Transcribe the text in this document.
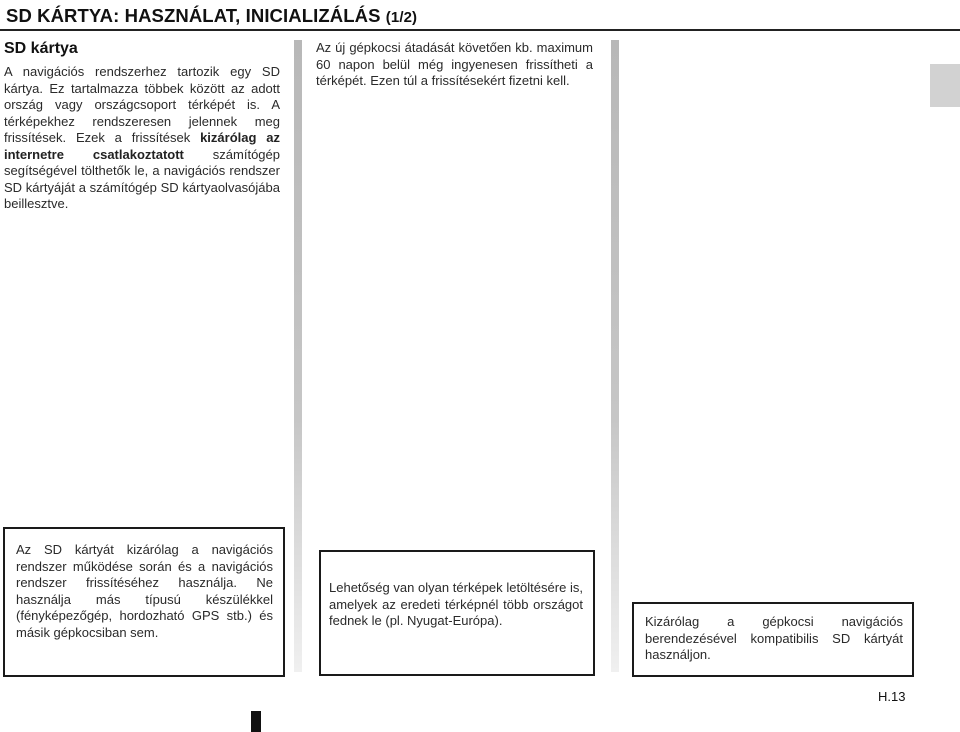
SD KÁRTYA: HASZNÁLAT, INICIALIZÁLÁS (1/2)
SD kártya

A navigációs rendszerhez tartozik egy SD kártya. Ez tartalmazza többek között az adott ország vagy országcsoport térképét is. A térképekhez rendszeresen jelennek meg frissítések. Ezek a frissítések kizárólag az internetre csatlakoztatott számítógép segítségével tölthetők le, a navigációs rendszer SD kártyáját a számítógép SD kártyaolvasójába beillesztve.

Az új gépkocsi átadását követően kb. maximum 60 napon belül még ingyenesen frissítheti a térképét. Ezen túl a frissítésekért fizetni kell.

Az SD kártyát kizárólag a navigációs rendszer működése során és a navigációs rendszer frissítéséhez használja. Ne használja más típusú készülékkel (fényképezőgép, hordozható GPS stb.) és másik gépkocsiban sem.

Lehetőség van olyan térképek letöltésére is, amelyek az eredeti térképnél több országot fednek le (pl. Nyugat-Európa).	Kizárólag a gépkocsi navigációs berendezésével kompatibilis SD kártyát használjon.

H.13
